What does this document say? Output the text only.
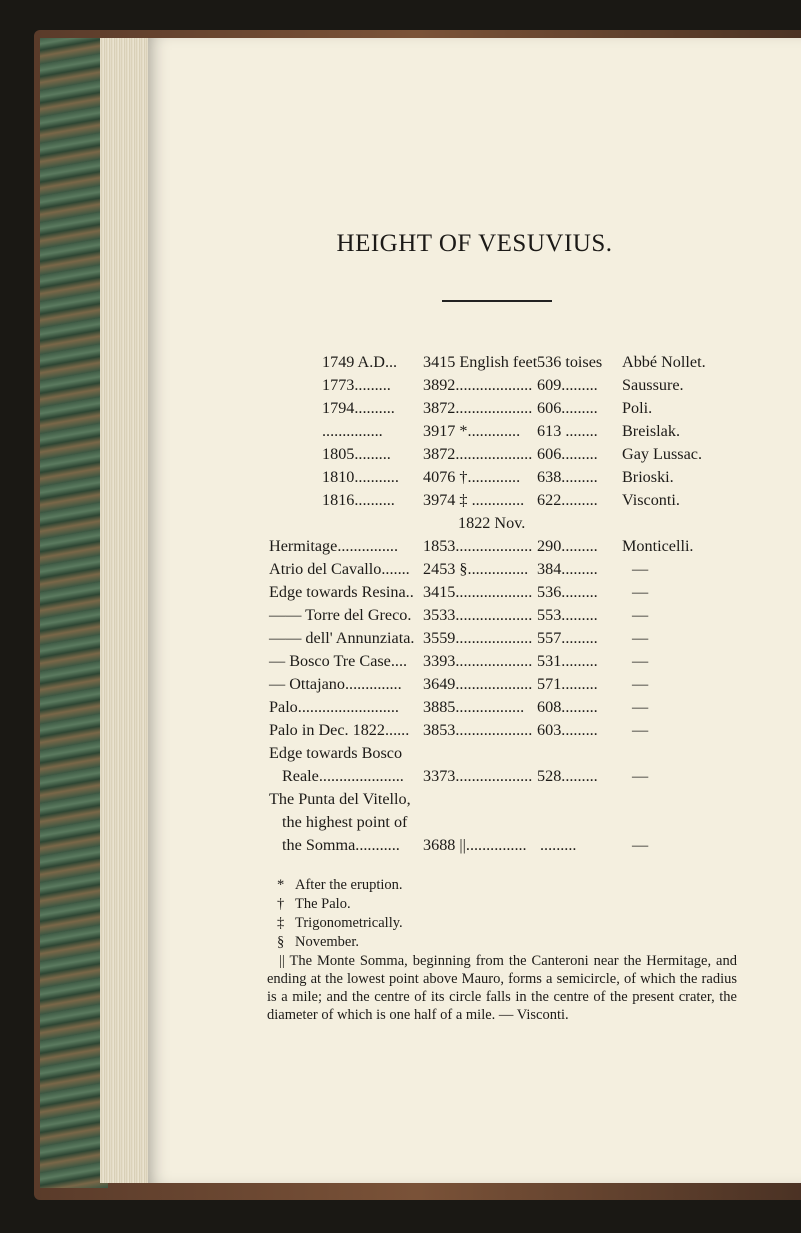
HEIGHT OF VESUVIUS.
1749 A.D... 3415 English feet 536 toises Abbé Nollet.
1773......... 3892................... 609......... Saussure.
1794.......... 3872................... 606......... Poli.
............... 3917 *............. 613 ........ Breislak.
1805......... 3872................... 606......... Gay Lussac.
1810........... 4076 †............. 638......... Brioski.
1816.......... 3974 ‡ ............. 622......... Visconti.
1822 Nov.
Hermitage............... 1853................... 290......... Monticelli.
Atrio del Cavallo....... 2453 §............... 384......... —
Edge towards Resina.. 3415................... 536......... —
—— Torre del Greco. 3533................... 553......... —
—— dell' Annunziata. 3559................... 557......... —
— Bosco Tre Case.... 3393................... 531......... —
— Ottajano.............. 3649................... 571......... —
Palo......................... 3885................. 608......... —
Palo in Dec. 1822...... 3853................... 603......... —
Edge towards Bosco
Reale..................... 3373................... 528......... —
The Punta del Vitello,
the highest point of
the Somma........... 3688 ||............... .........	—
* After the eruption.
† The Palo.
‡ Trigonometrically.
§ November.
|| The Monte Somma, beginning from the Canteroni near the Hermitage, and ending at the lowest point above Mauro, forms a semicircle, of which the radius is a mile; and the centre of its circle falls in the centre of the present crater, the diameter of which is one half of a mile. — Visconti.
